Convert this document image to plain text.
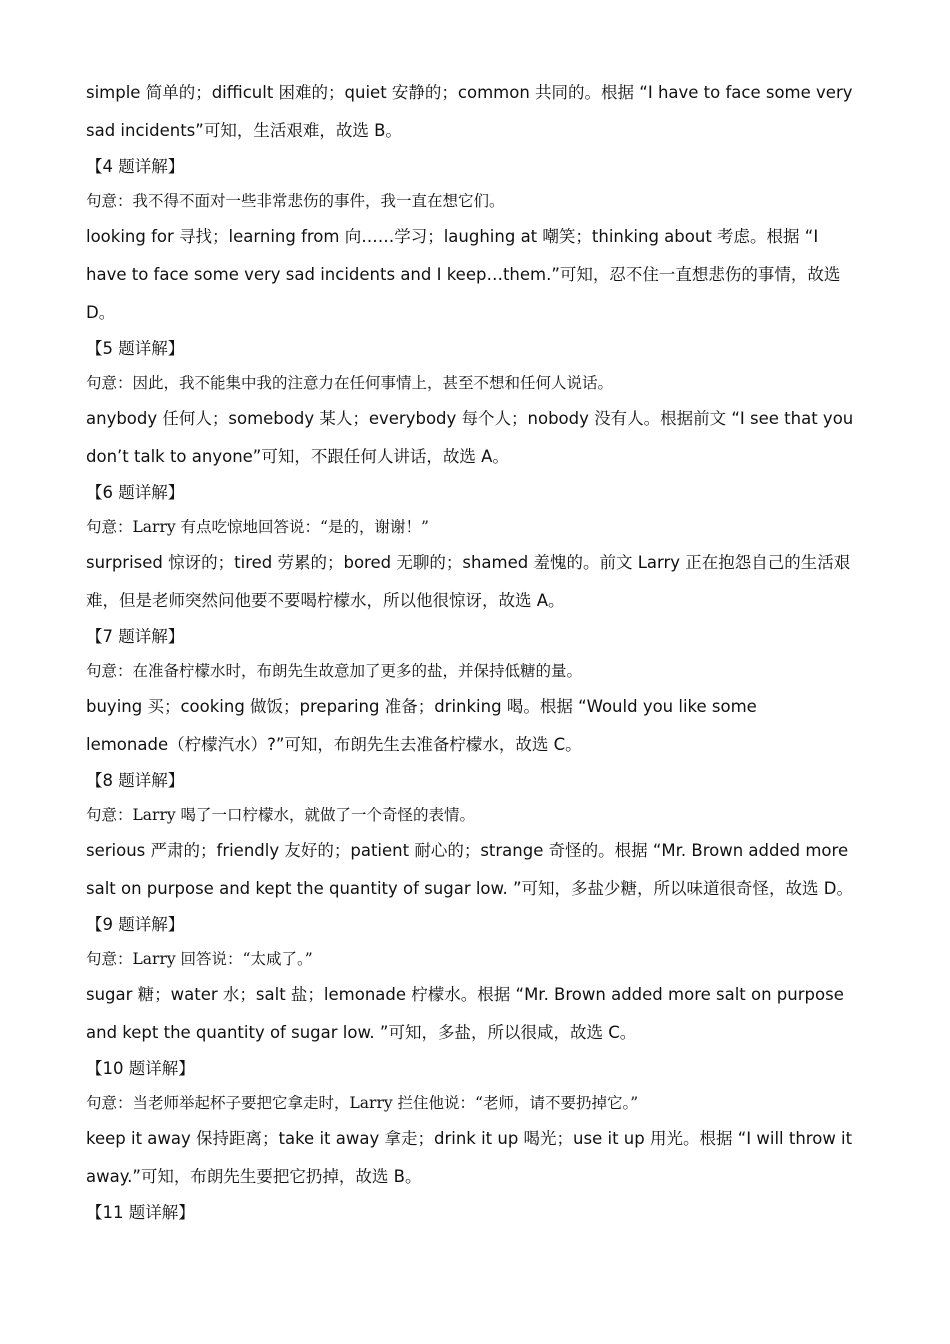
simple 简单的；difficult 困难的；quiet 安静的；common 共同的。根据 “I have to face some very

sad incidents”可知，生活艰难，故选 B。

【4 题详解】

句意：我不得不面对一些非常悲伤的事件，我一直在想它们。

looking for 寻找；learning from 向……学习；laughing at 嘲笑；thinking about 考虑。根据 “I

have to face some very sad incidents and I keep…them.”可知，忍不住一直想悲伤的事情，故选

D。

【5 题详解】

句意：因此，我不能集中我的注意力在任何事情上，甚至不想和任何人说话。

anybody 任何人；somebody 某人；everybody 每个人；nobody 没有人。根据前文 “I see that you

don’t talk to anyone”可知，不跟任何人讲话，故选 A。

【6 题详解】

句意：Larry 有点吃惊地回答说：“是的，谢谢！”

surprised 惊讶的；tired 劳累的；bored 无聊的；shamed 羞愧的。前文 Larry 正在抱怨自己的生活艰

难，但是老师突然问他要不要喝柠檬水，所以他很惊讶，故选 A。

【7 题详解】

句意：在准备柠檬水时，布朗先生故意加了更多的盐，并保持低糖的量。

buying 买；cooking 做饭；preparing 准备；drinking 喝。根据 “Would you like some

lemonade（柠檬汽水）?”可知，布朗先生去准备柠檬水，故选 C。

【8 题详解】

句意：Larry 喝了一口柠檬水，就做了一个奇怪的表情。

serious 严肃的；friendly 友好的；patient 耐心的；strange 奇怪的。根据 “Mr. Brown added more

salt on purpose and kept the quantity of sugar low. ”可知，多盐少糖，所以味道很奇怪，故选 D。

【9 题详解】

句意：Larry 回答说：“太咸了。”

sugar 糖；water 水；salt 盐；lemonade 柠檬水。根据 “Mr. Brown added more salt on purpose

and kept the quantity of sugar low. ”可知，多盐，所以很咸，故选 C。

【10 题详解】

句意：当老师举起杯子要把它拿走时，Larry 拦住他说：“老师，请不要扔掉它。”

keep it away 保持距离；take it away 拿走；drink it up 喝光；use it up 用光。根据 “I will throw it

away.”可知，布朗先生要把它扔掉，故选 B。

【11 题详解】
